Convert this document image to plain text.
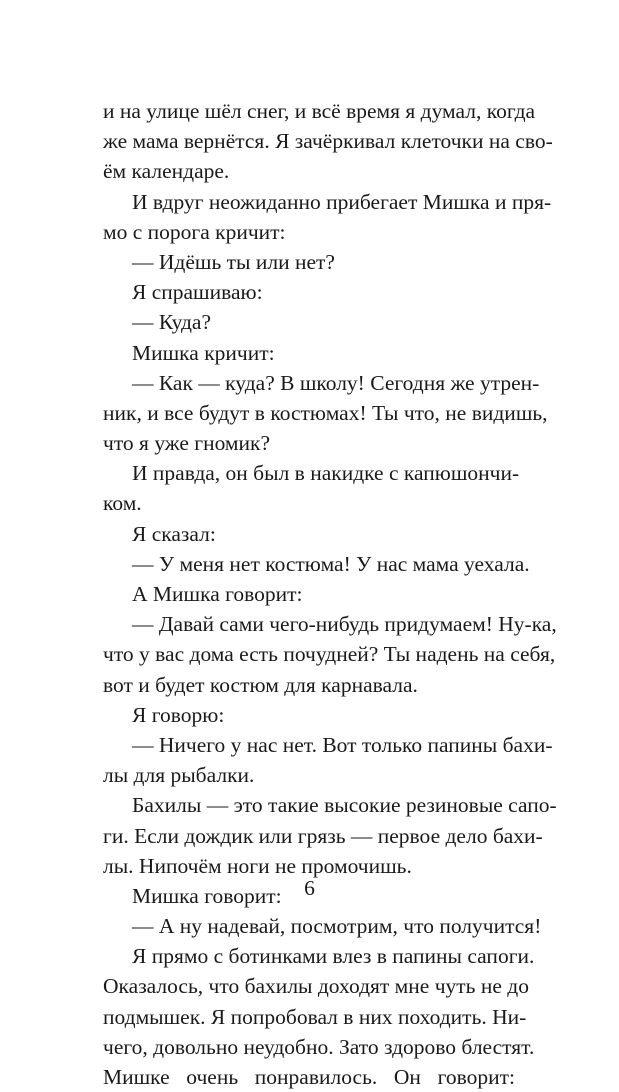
и на улице шёл снег, и всё время я думал, когда
же мама вернётся. Я зачёркивал клеточки на сво-
ём календаре.
И вдруг неожиданно прибегает Мишка и пря-
мо с порога кричит:
— Идёшь ты или нет?
Я спрашиваю:
— Куда?
Мишка кричит:
— Как — куда? В школу! Сегодня же утрен-
ник, и все будут в костюмах! Ты что, не видишь,
что я уже гномик?
И правда, он был в накидке с капюшончи-
ком.
Я сказал:
— У меня нет костюма! У нас мама уехала.
А Мишка говорит:
— Давай сами чего-нибудь придумаем! Ну-ка,
что у вас дома есть почудней? Ты надень на себя,
вот и будет костюм для карнавала.
Я говорю:
— Ничего у нас нет. Вот только папины бахи-
лы для рыбалки.
Бахилы — это такие высокие резиновые сапо-
ги. Если дождик или грязь — первое дело бахи-
лы. Нипочём ноги не промочишь.
Мишка говорит:
— А ну надевай, посмотрим, что получится!
Я прямо с ботинками влез в папины сапоги.
Оказалось, что бахилы доходят мне чуть не до
подмышек. Я попробовал в них походить. Ни-
чего, довольно неудобно. Зато здорово блестят.
Мишке очень понравилось. Он говорит:
6
